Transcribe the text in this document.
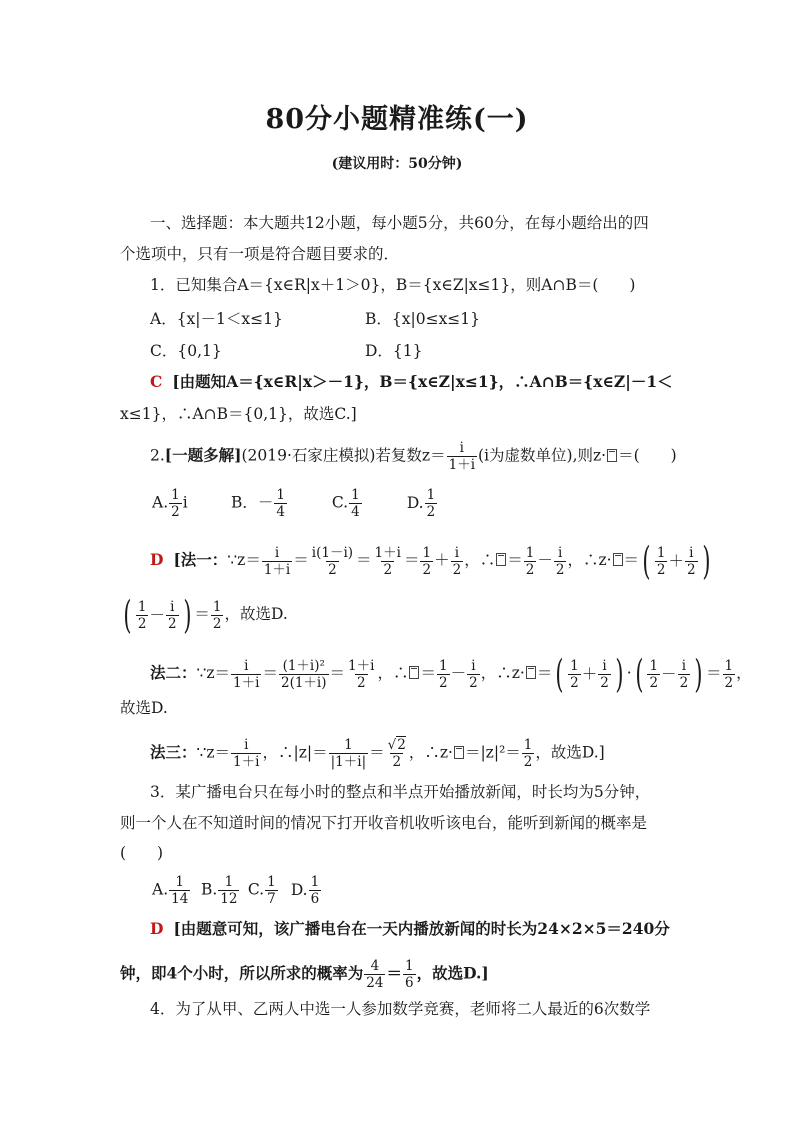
80分小题精准练(一)
(建议用时：50分钟)
一、选择题：本大题共12小题，每小题5分，共60分，在每小题给出的四
个选项中，只有一项是符合题目要求的．
1．已知集合A＝{x∈R|x＋1＞0}，B＝{x∈Z|x≤1}，则A∩B＝(　　)
A．{x|－1＜x≤1}	B．{x|0≤x≤1}
C．{0,1}	D．{1}
C [由题知A＝{x∈R|x＞－1}，B＝{x∈Z|x≤1}，∴A∩B＝{x∈Z|－1＜
x≤1}，∴A∩B＝{0,1}，故选C.]
2.[一题多解](2019·石家庄模拟)若复数$z= \frac{i}{1+i} (i$为虚数单位),则z· ＝(　　)
A. $\frac{1}{2}$ i	B．－ $\frac{1}{4}$	C. $\frac{1}{4}$	D. $\frac{1}{2}$
D [法一：∵z＝ $\frac{i}{1+i} = \frac{i(1-i)}{2} = \frac{1+i}{2} = \frac{1}{2} + \frac{i}{2}$ ，∴ ＝ $\frac{1}{2} - \frac{i}{2}$ ，∴z· ＝ ( $\frac{1}{2} + \frac{i}{2}$ )
( $\frac{1}{2} - \frac{i}{2}$ ) ＝ $\frac{1}{2}$ ，故选D.
法二：∵z＝ $\frac{i}{1+i} = \frac{\text{(1＋i)²}}{2(1+i)} = \frac{1+i}{2}$ ，∴ ＝ $\frac{1}{2} - \frac{i}{2}$ ，∴z· ＝ ( $\frac{1}{2} + \frac{i}{2}$ ) · ( $\frac{1}{2} - \frac{i}{2}$ ) ＝ $\frac{1}{2}$ ，
故选D.
法三：∵z＝ $\frac{i}{1+i}$ ，∴|z|＝ $\frac{1}{|1+i|} = \frac{√2}{2}$ ，∴z· $=|z|^2= \frac{1}{2}$ ，故选D.]
3．某广播电台只在每小时的整点和半点开始播放新闻，时长均为5分钟，
则一个人在不知道时间的情况下打开收音机收听该电台，能听到新闻的概率是
(　　)
A. $\frac{1}{14} B$. $\frac{1}{12} C$. $\frac{1}{7} D$. $\frac{1}{6}$
D [由题意可知，该广播电台在一天内播放新闻的时长为24×2×5＝240分
钟，即4个小时，所以所求的概率为 $\frac{4}{24} = \frac{1}{6}$ ，故选D.]
4．为了从甲、乙两人中选一人参加数学竞赛，老师将二人最近的6次数学
